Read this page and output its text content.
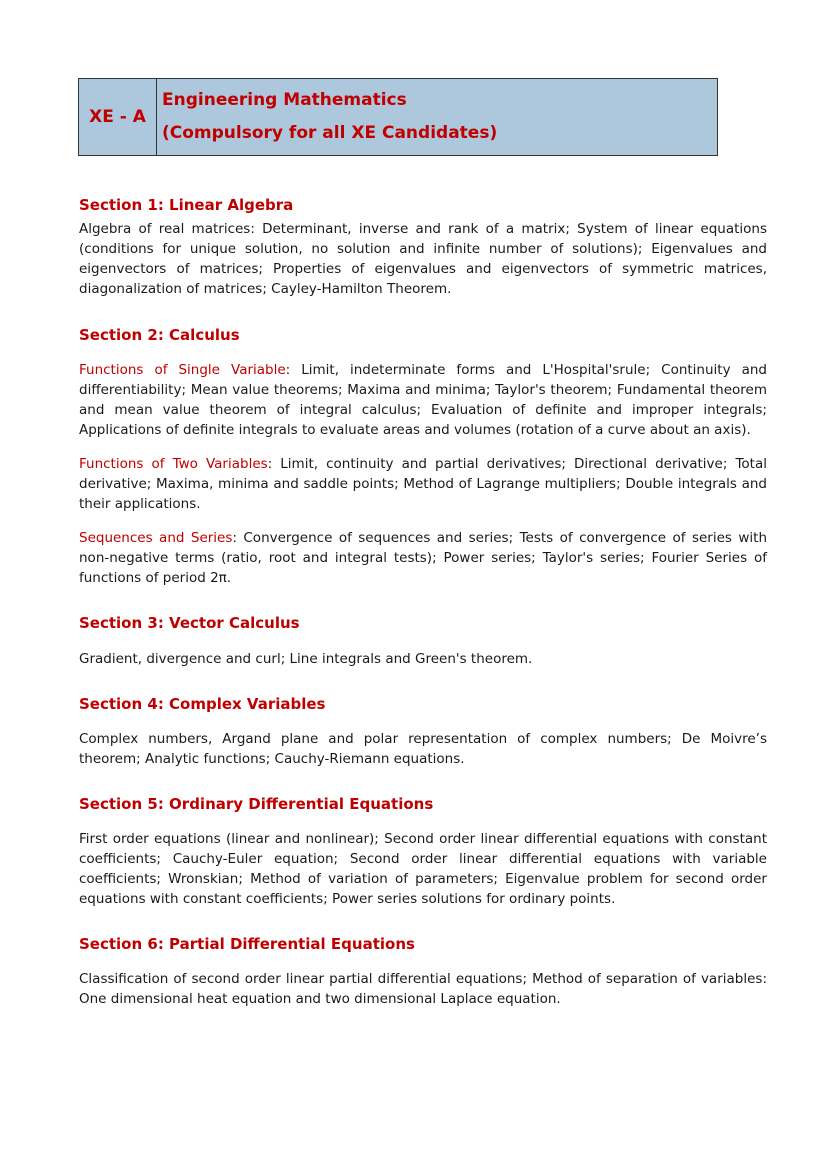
XE - A
Engineering Mathematics
(Compulsory for all XE Candidates)

Section 1: Linear Algebra

Algebra of real matrices: Determinant, inverse and rank of a matrix; System of linear equations (conditions for unique solution, no solution and infinite number of solutions); Eigenvalues and eigenvectors of matrices; Properties of eigenvalues and eigenvectors of symmetric matrices, diagonalization of matrices; Cayley-Hamilton Theorem.

Section 2: Calculus

Functions of Single Variable: Limit, indeterminate forms and L'Hospital'srule; Continuity and differentiability; Mean value theorems; Maxima and minima; Taylor's theorem; Fundamental theorem and mean value theorem of integral calculus; Evaluation of definite and improper integrals; Applications of definite integrals to evaluate areas and volumes (rotation of a curve about an axis).

Functions of Two Variables: Limit, continuity and partial derivatives; Directional derivative; Total derivative; Maxima, minima and saddle points; Method of Lagrange multipliers; Double integrals and their applications.

Sequences and Series: Convergence of sequences and series; Tests of convergence of series with non-negative terms (ratio, root and integral tests); Power series; Taylor's series; Fourier Series of functions of period 2π.

Section 3: Vector Calculus

Gradient, divergence and curl; Line integrals and Green's theorem.

Section 4: Complex Variables

Complex numbers, Argand plane and polar representation of complex numbers; De Moivre’s theorem; Analytic functions; Cauchy-Riemann equations.

Section 5: Ordinary Differential Equations

First order equations (linear and nonlinear); Second order linear differential equations with constant coefficients; Cauchy-Euler equation; Second order linear differential equations with variable coefficients; Wronskian; Method of variation of parameters; Eigenvalue problem for second order equations with constant coefficients; Power series solutions for ordinary points.

Section 6: Partial Differential Equations

Classification of second order linear partial differential equations; Method of separation of variables: One dimensional heat equation and two dimensional Laplace equation.
